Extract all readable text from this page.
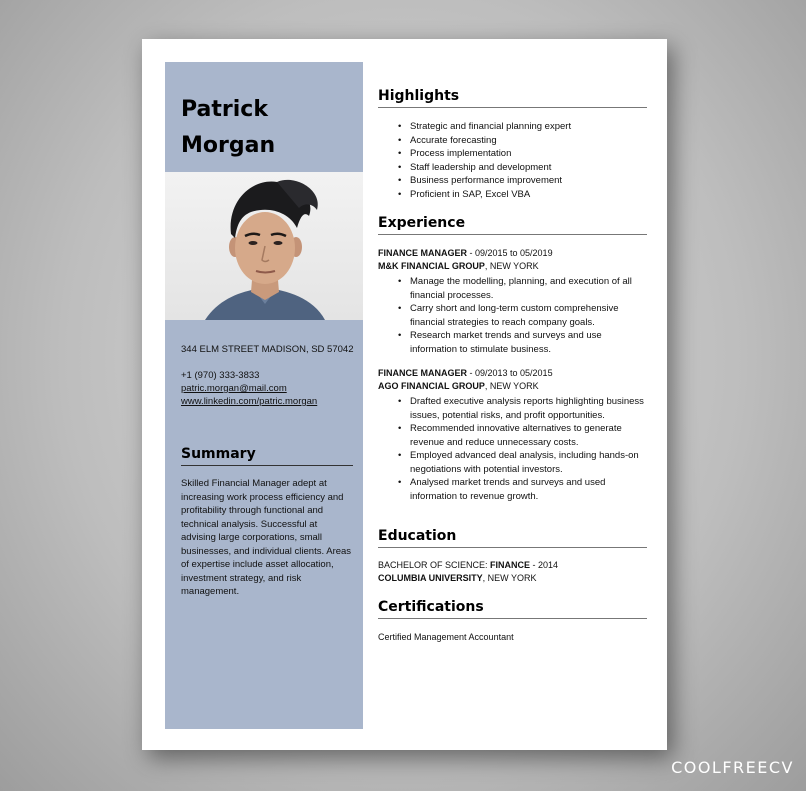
Patrick
Morgan
344 ELM STREET MADISON, SD 57042
+1 (970) 333-3833
patric.morgan@mail.com
www.linkedin.com/patric.morgan
Summary
Skilled Financial Manager adept at increasing work process efficiency and profitability through functional and technical analysis. Successful at advising large corporations, small businesses, and individual clients. Areas of expertise include asset allocation, investment strategy, and risk management.
Highlights
• Strategic and financial planning expert
• Accurate forecasting
• Process implementation
• Staff leadership and development
• Business performance improvement
• Proficient in SAP, Excel VBA
Experience
FINANCE MANAGER - 09/2015 to 05/2019
M&K FINANCIAL GROUP, NEW YORK
• Manage the modelling, planning, and execution of all financial processes.
• Carry short and long-term custom comprehensive financial strategies to reach company goals.
• Research market trends and surveys and use information to stimulate business.
FINANCE MANAGER - 09/2013 to 05/2015
AGO FINANCIAL GROUP, NEW YORK
• Drafted executive analysis reports highlighting business issues, potential risks, and profit opportunities.
• Recommended innovative alternatives to generate revenue and reduce unnecessary costs.
• Employed advanced deal analysis, including hands-on negotiations with potential investors.
• Analysed market trends and surveys and used information to revenue growth.
Education
BACHELOR OF SCIENCE: FINANCE - 2014
COLUMBIA UNIVERSITY, NEW YORK
Certifications
Certified Management Accountant
COOLFREECV
